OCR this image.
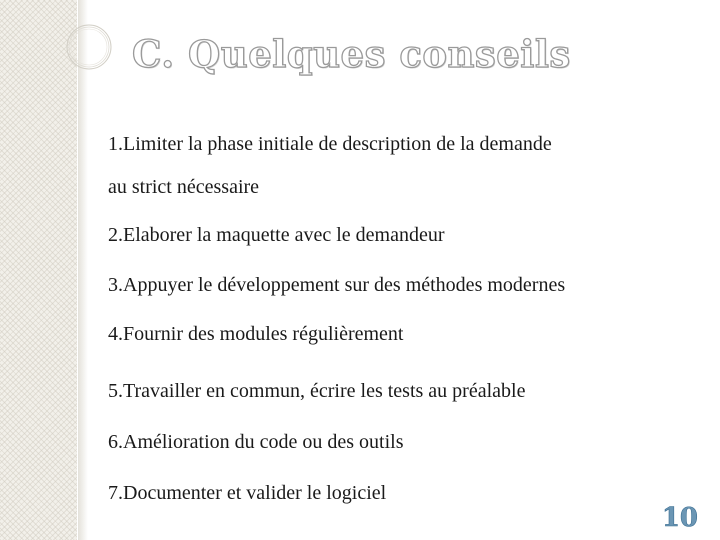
C. Quelques conseils

1.Limiter la phase initiale de description de la demande

au strict nécessaire

2.Elaborer la maquette avec le demandeur

3.Appuyer le développement sur des méthodes modernes

4.Fournir des modules régulièrement

5.Travailler en commun, écrire les tests au préalable

6.Amélioration du code ou des outils

7.Documenter et valider le logiciel

10
